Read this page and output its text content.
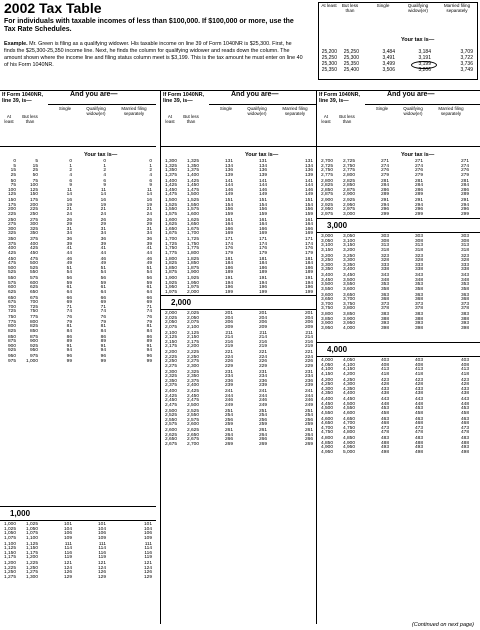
2002 Tax Table
For individuals with taxable incomes of less than $100,000. If $100,000 or more, use the Tax Rate Schedules.
Example. Mr. Green is filing as a qualifying widower. His taxable income on line 39 of Form 1040NR is $25,300. First, he finds the $25,300-25,350 income line. Next, he finds the column for qualifying widower and reads down the column. The amount shown where the income line and filing status column meet is $3,199. This is the tax amount he must enter on line 40 of his Form 1040NR.
At least But less than
Single	Qualifying widow(er)
Married filing separately
Your tax is—
25,200	25,250	3,484	3,184	3,709
25,250	25,300	3,491	3,191	3,722
25,300	25,350	3,499	3,199	3,736
25,350	25,400	3,506	3,206	3,749
If Form 1040NR, line 39, is—
And you are—
At least
But less than
Single	Qualifying widow(er)
Married filing separately
Your tax is—
0	5	0	0	0
5	15	1	1	1
15	25	2	2	2
25	50	4	4	4
50	75	6	6	6
75	100	9	9	9
100	125	11	11	11
125	150	14	14	14
150	175	16	16	16
175	200	19	19	19
200	225	21	21	21
225	250	24	24	24
250	275	26	26	26
275	300	29	29	29
300	325	31	31	31
325	350	34	34	34
350	375	36	36	36
375	400	39	39	39
400	425	41	41	41
425	450	44	44	44
450	475	46	46	46
475	500	49	49	49
500	525	51	51	51
525	550	54	54	54
550	575	56	56	56
575	600	59	59	59
600	625	61	61	61
625	650	64	64	64
650	675	66	66	66
675	700	69	69	69
700	725	71	71	71
725	750	74	74	74
750	775	76	76	76
775	800	79	79	79
800	825	81	81	81
825	850	84	84	84
850	875	86	86	86
875	900	89	89	89
900	925	91	91	91
925	950	94	94	94
950	975	96	96	96
975 1,000	99	99	99
1,000
1,000 1,025	101	101	101
1,025 1,050	104	104	104
1,050 1,075	106	106	106
1,075 1,100	109	109	109
1,100 1,125	111	111	111
1,125 1,150	114	114	114
1,150 1,175	116	116	116
1,175 1,200	119	119	119
1,200 1,225	121	121	121
1,225 1,250	124	124	124
1,250 1,275	126	126	126
1,275 1,300	129	129	129
If Form 1040NR, line 39, is—
And you are—
At least
But less than
Single	Qualifying widow(er)
Married filing separately
Your tax is—
1,300 1,325	131	131	131
1,325 1,350	134	134	134
1,350 1,375	136	136	136
1,375 1,400	139	139	139
1,400 1,425	141	141	141
1,425 1,450	144	144	144
1,450 1,475	146	146	146
1,475 1,500	149	149	149
1,500 1,525	151	151	151
1,525 1,550	154	154	154
1,550 1,575	156	156	156
1,575 1,600	159	159	159
1,600 1,625	161	161	161
1,625 1,650	164	164	164
1,650 1,675	166	166	166
1,675 1,700	169	169	169
1,700 1,725	171	171	171
1,725 1,750	174	174	174
1,750 1,775	176	176	176
1,775 1,800	179	179	179
1,800 1,825	181	181	181
1,825 1,850	184	184	184
1,850 1,875	186	186	186
1,875 1,900	189	189	189
1,900 1,925	191	191	191
1,925 1,950	194	194	194
1,950 1,975	196	196	196
1,975 2,000	199	199	199
2,000
2,000 2,025	201	201	201
2,025 2,050	204	204	204
2,050 2,075	206	206	206
2,075 2,100	209	209	209
2,100 2,125	211	211	211
2,125 2,150	214	214	214
2,150 2,175	216	216	216
2,175 2,200	219	219	219
2,200 2,225	221	221	221
2,225 2,250	224	224	224
2,250 2,275	226	226	226
2,275 2,300	229	229	229
2,300 2,325	231	231	231
2,325 2,350	234	234	234
2,350 2,375	236	236	236
2,375 2,400	239	239	239
2,400 2,425	241	241	241
2,425 2,450	244	244	244
2,450 2,475	246	246	246
2,475 2,500	249	249	249
2,500 2,525	251	251	251
2,525 2,550	254	254	254
2,550 2,575	256	256	256
2,575 2,600	259	259	259
2,600 2,625	261	261	261
2,625 2,650	264	264	264
2,650 2,675	266	266	266
2,675 2,700	269	269	269
If Form 1040NR, line 39, is—
And you are—
At least
But less than
Single	Qualifying widow(er)
Married filing separately
Your tax is—
2,700 2,725	271	271	271
2,725 2,750	274	274	274
2,750 2,775	276	276	276
2,775 2,800	279	279	279
2,800 2,825	281	281	281
2,825 2,850	284	284	284
2,850 2,875	286	286	286
2,875 2,900	289	289	289
2,900 2,925	291	291	291
2,925 2,950	294	294	294
2,950 2,975	296	296	296
2,975 3,000	299	299	299
3,000
3,000 3,050	303	303	303
3,050 3,100	308	308	308
3,100 3,150	313	313	313
3,150 3,200	318	318	318
3,200 3,250	323	323	323
3,250 3,300	328	328	328
3,300 3,350	333	333	333
3,350 3,400	338	338	338
3,400 3,450	343	343	343
3,450 3,500	348	348	348
3,500 3,550	353	353	353
3,550 3,600	358	358	358
3,600 3,650	363	363	363
3,650 3,700	368	368	368
3,700 3,750	373	373	373
3,750 3,800	378	378	378
3,800 3,850	383	383	383
3,850 3,900	388	388	388
3,900 3,950	393	393	393
3,950 4,000	398	398	398
4,000
4,000 4,050	403	403	403
4,050 4,100	408	408	408
4,100 4,150	413	413	413
4,150 4,200	418	418	418
4,200 4,250	423	423	423
4,250 4,300	428	428	428
4,300 4,350	433	433	433
4,350 4,400	438	438	438
4,400 4,450	443	443	443
4,450 4,500	448	448	448
4,500 4,550	453	453	453
4,550 4,600	458	458	458
4,600 4,650	463	463	463
4,650 4,700	468	468	468
4,700 4,750	473	473	473
4,750 4,800	478	478	478
4,800 4,850	483	483	483
4,850 4,900	488	488	488
4,900 4,950	493	493	493
4,950 5,000	498	498	498
(Continued on next page)
